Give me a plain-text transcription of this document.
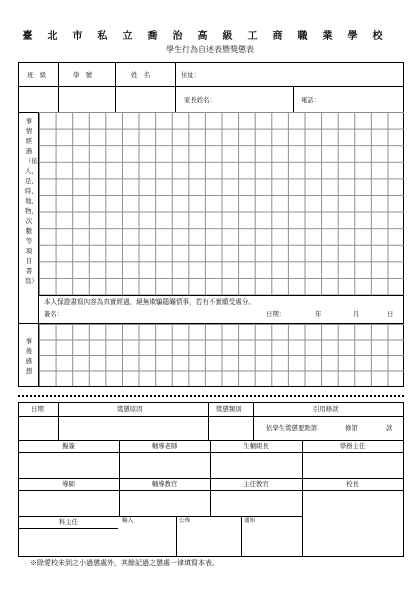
臺北市私立喬治高級工商職業學校
學生行為自述表暨獎懲表
班　級	學　號	姓　名	住址：
家長姓名：	電話：
事情經過（依人、是、時、地、物、次數等項目書寫）
本人保證書寫內容為真實經過，絕無欺騙隱瞞情事，若有不實願受處分。
簽名：	日期：	年	月	日
事後感想
日期	獎懲原因	獎懲類別	引用條款
依學生獎懲要點第	條第	款
擬簽	輔導老師	生輔組長	學務主任
導師	輔導教官	主任教官	校長
科主任	輸入	公佈	通知
※除愛校未到之小過懲處外，其餘記過之懲處一律填寫本表。
